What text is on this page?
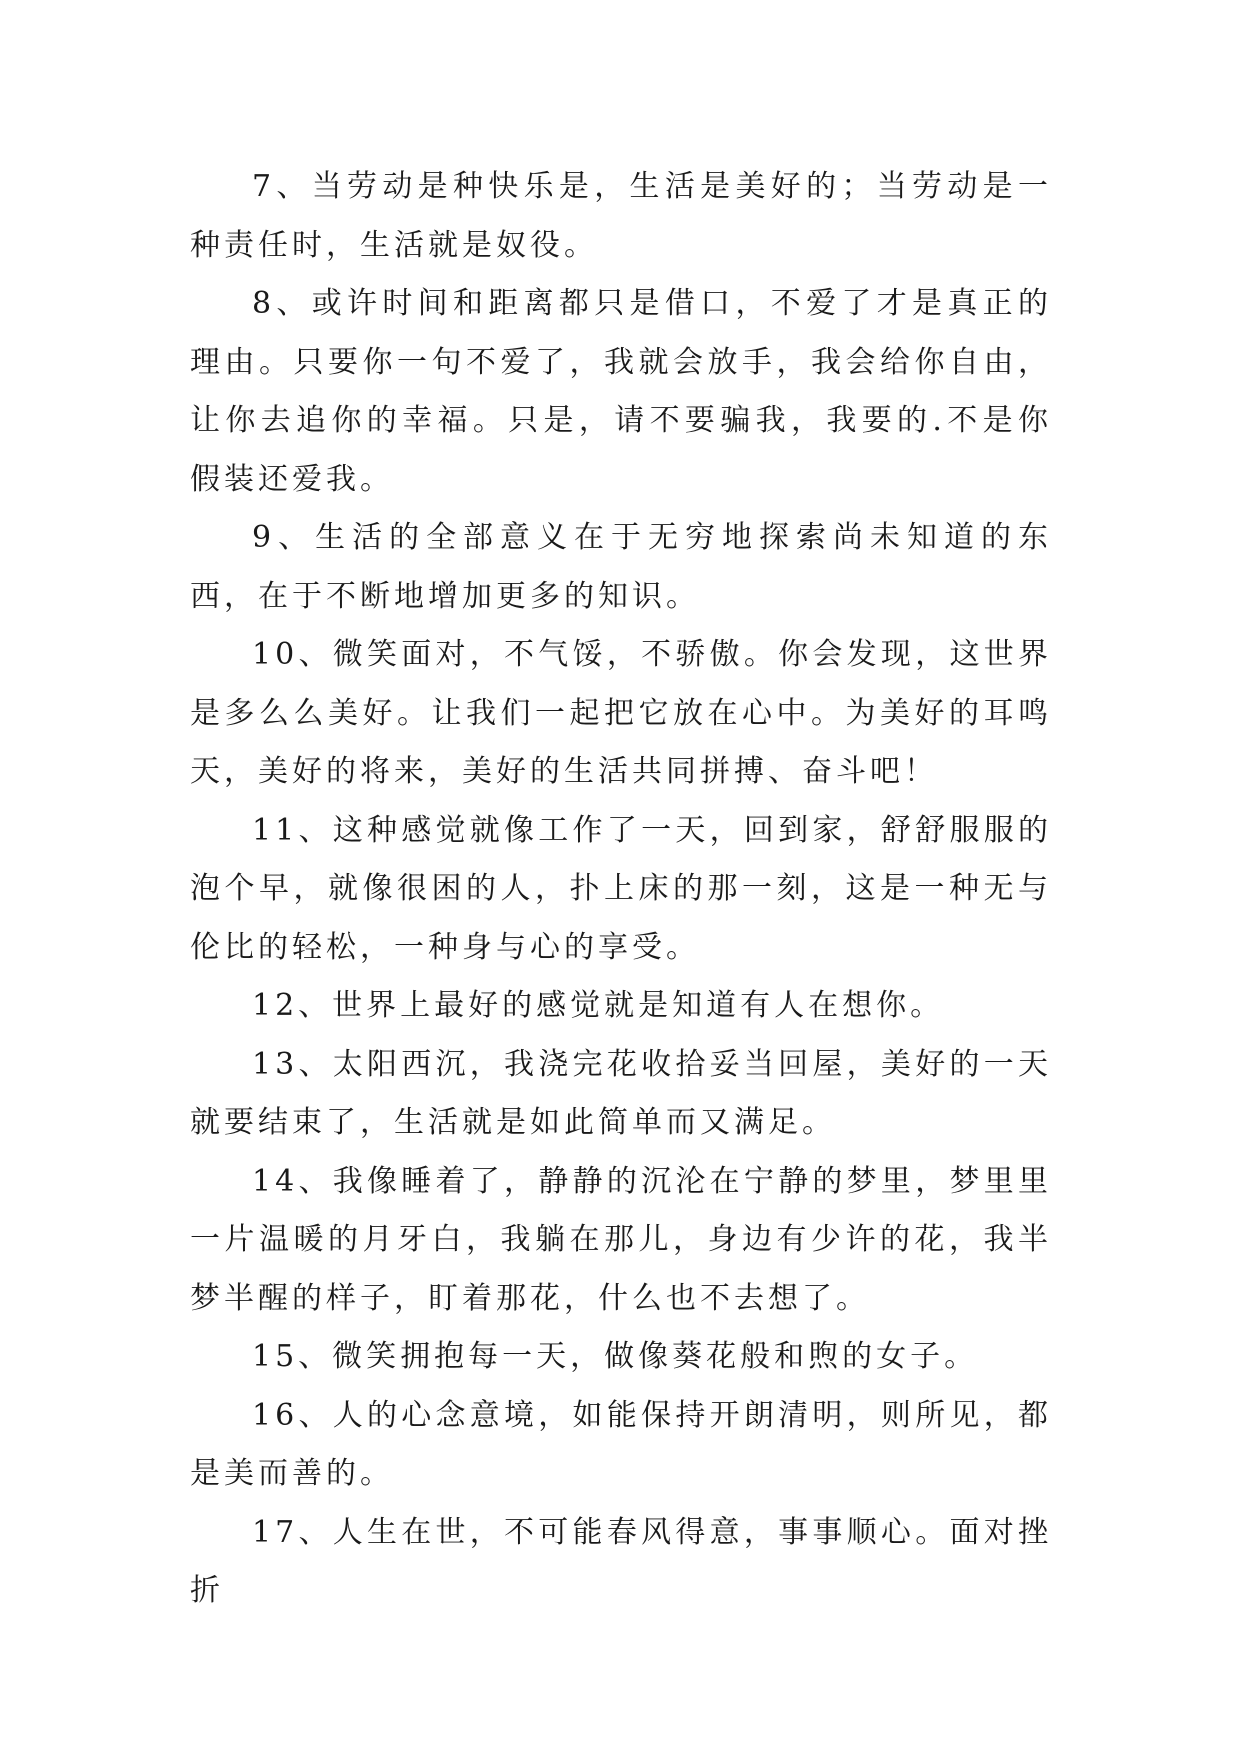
7、当劳动是种快乐是，生活是美好的；当劳动是一种责任时，生活就是奴役。

8、或许时间和距离都只是借口，不爱了才是真正的理由。只要你一句不爱了，我就会放手，我会给你自由，让你去追你的幸福。只是，请不要骗我，我要的.不是你假装还爱我。

9、生活的全部意义在于无穷地探索尚未知道的东西，在于不断地增加更多的知识。

10、微笑面对，不气馁，不骄傲。你会发现，这世界是多么么美好。让我们一起把它放在心中。为美好的耳鸣天，美好的将来，美好的生活共同拼搏、奋斗吧！

11、这种感觉就像工作了一天，回到家，舒舒服服的泡个早，就像很困的人，扑上床的那一刻，这是一种无与伦比的轻松，一种身与心的享受。

12、世界上最好的感觉就是知道有人在想你。

13、太阳西沉，我浇完花收拾妥当回屋，美好的一天就要结束了，生活就是如此简单而又满足。

14、我像睡着了，静静的沉沦在宁静的梦里，梦里里一片温暖的月牙白，我躺在那儿，身边有少许的花，我半梦半醒的样子，盯着那花，什么也不去想了。

15、微笑拥抱每一天，做像葵花般和煦的女子。

16、人的心念意境，如能保持开朗清明，则所见，都是美而善的。

17、人生在世，不可能春风得意，事事顺心。面对挫折
